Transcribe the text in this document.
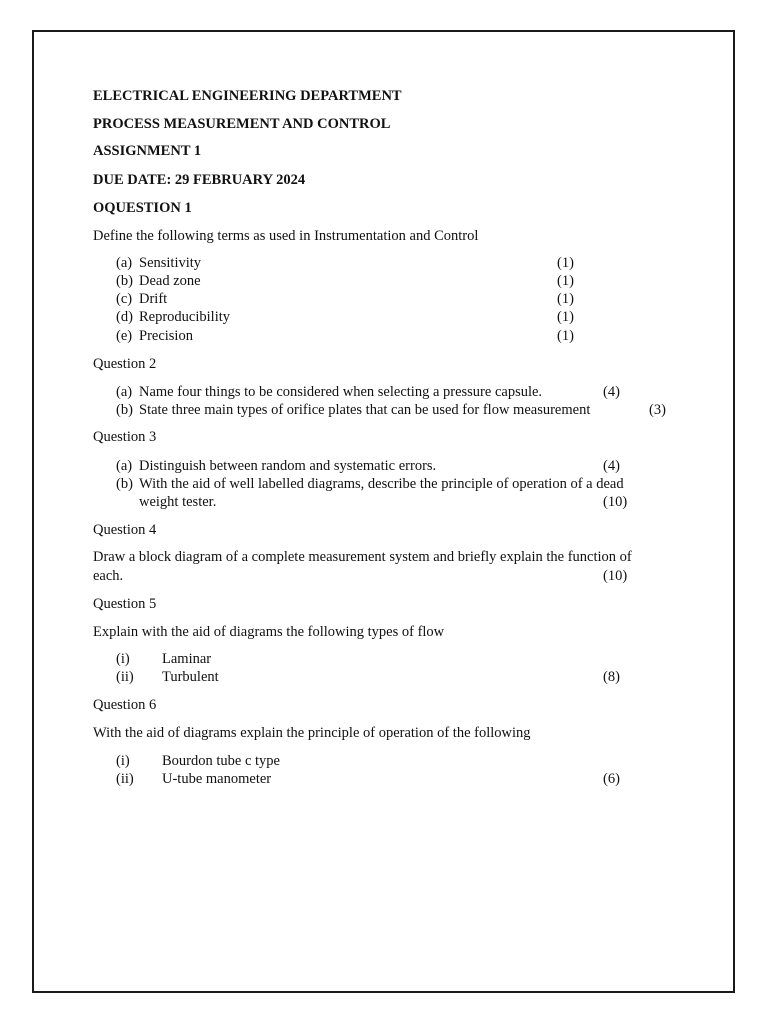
ELECTRICAL ENGINEERING DEPARTMENT
PROCESS MEASUREMENT AND CONTROL
ASSIGNMENT 1
DUE DATE: 29 FEBRUARY 2024
OQUESTION 1
Define the following terms as used in Instrumentation and Control
(a) Sensitivity	(1)
(b) Dead zone	(1)
(c) Drift	(1)
(d) Reproducibility	(1)
(e) Precision	(1)
Question 2
(a) Name four things to be considered when selecting a pressure capsule.	(4)
(b) State three main types of orifice plates that can be used for flow measurement	(3)
Question 3
(a) Distinguish between random and systematic errors.	(4)
(b) With the aid of well labelled diagrams, describe the principle of operation of a dead
weight tester.	(10)
Question 4
Draw a block diagram of a complete measurement system and briefly explain the function of
each.	(10)
Question 5
Explain with the aid of diagrams the following types of flow
(i) Laminar
(ii) Turbulent	(8)
Question 6
With the aid of diagrams explain the principle of operation of the following
(i) Bourdon tube c type
(ii) U-tube manometer	(6)
